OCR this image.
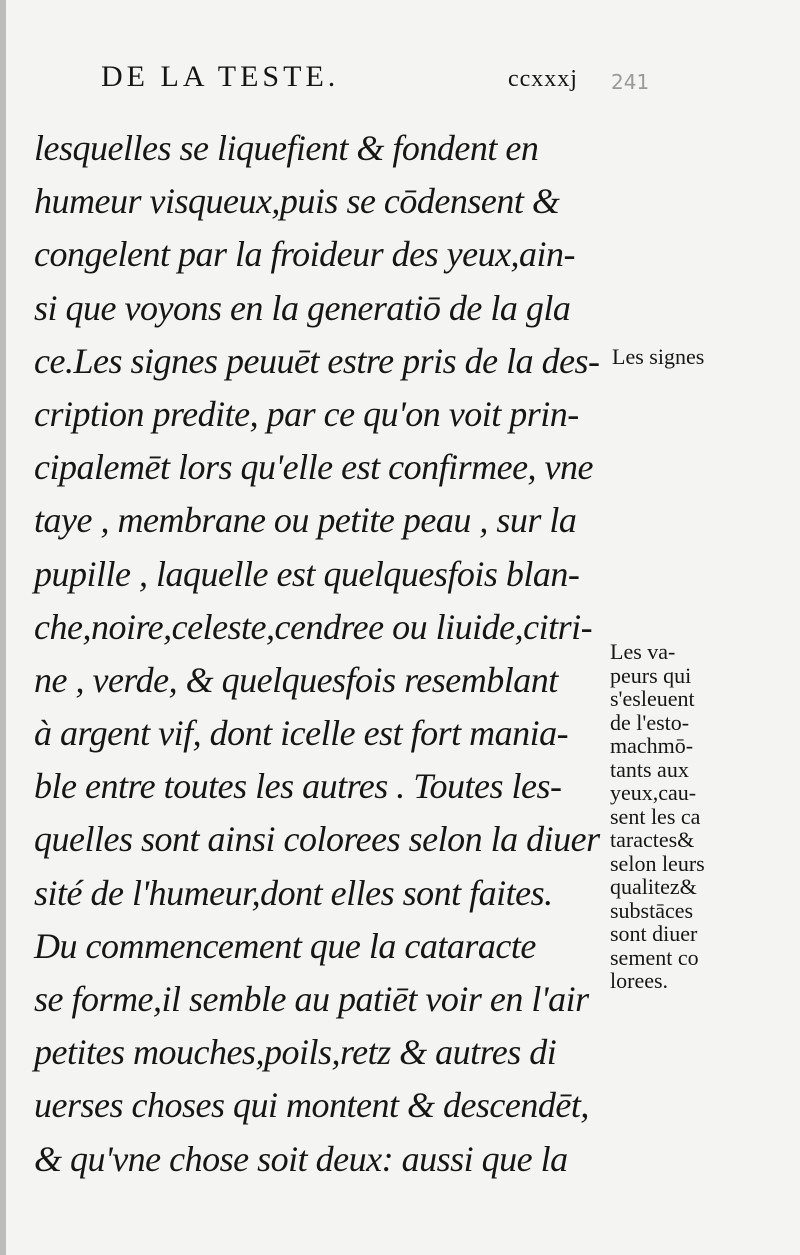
DE LA TESTE.	ccxxxj 241
lesquelles se liquefient & fondent en
humeur visqueux,puis se cōdensent &
congelent par la froideur des yeux,ain-
si que voyons en la generatiō de la gla
ce.Les signes peuuēt estre pris de la des-
cription predite, par ce qu'on voit prin-
cipalemēt lors qu'elle est confirmee, vne
taye , membrane ou petite peau , sur la
pupille , laquelle est quelquesfois blan-
che,noire,celeste,cendree ou liuide,citri-
ne , verde, & quelquesfois resemblant
à argent vif, dont icelle est fort mania-
ble entre toutes les autres . Toutes les-
quelles sont ainsi colorees selon la diuer
sité de l'humeur,dont elles sont faites.
Du commencement que la cataracte
se forme,il semble au patiēt voir en l'air
petites mouches,poils,retz & autres di
uerses choses qui montent & descendēt,
& qu'vne chose soit deux: aussi que la
Les signes
Les va-
peurs qui
s'esleuent
de l'esto-
machmō-
tants aux
yeux,cau-
sent les ca
taractes&
selon leurs
qualitez&
substāces
sont diuer
sement co
lorees.
